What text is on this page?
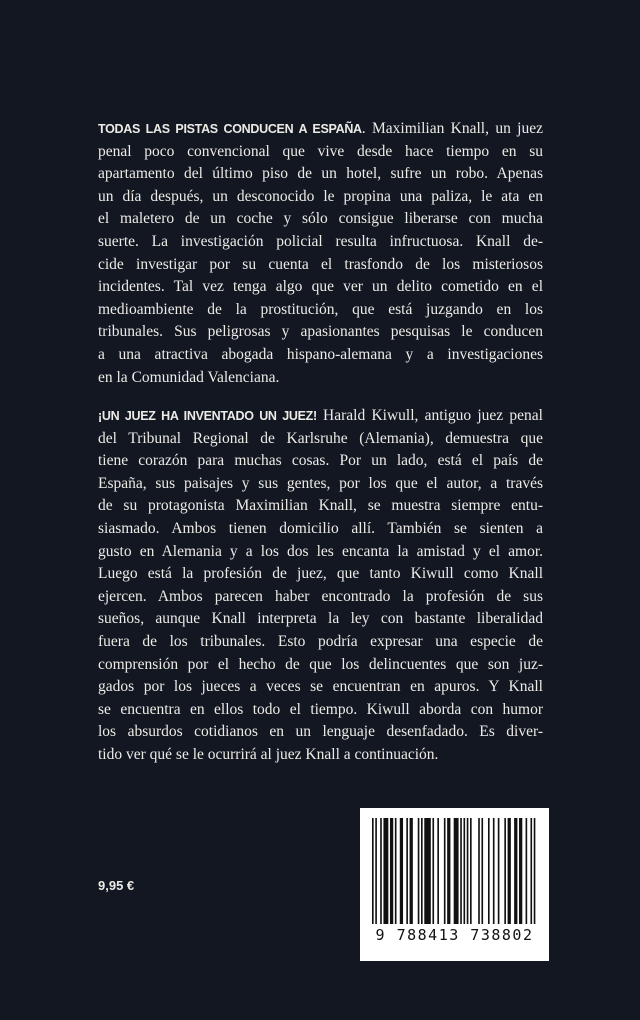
TODAS LAS PISTAS CONDUCEN A ESPAÑA. Maximilian Knall, un juez
penal poco convencional que vive desde hace tiempo en su
apartamento del último piso de un hotel, sufre un robo. Apenas
un día después, un desconocido le propina una paliza, le ata en
el maletero de un coche y sólo consigue liberarse con mucha
suerte. La investigación policial resulta infructuosa. Knall de-
cide investigar por su cuenta el trasfondo de los misteriosos
incidentes. Tal vez tenga algo que ver un delito cometido en el
medioambiente de la prostitución, que está juzgando en los
tribunales. Sus peligrosas y apasionantes pesquisas le conducen
a una atractiva abogada hispano-alemana y a investigaciones
en la Comunidad Valenciana.
¡UN JUEZ HA INVENTADO UN JUEZ! Harald Kiwull, antiguo juez penal
del Tribunal Regional de Karlsruhe (Alemania), demuestra que
tiene corazón para muchas cosas. Por un lado, está el país de
España, sus paisajes y sus gentes, por los que el autor, a través
de su protagonista Maximilian Knall, se muestra siempre entu-
siasmado. Ambos tienen domicilio allí. También se sienten a
gusto en Alemania y a los dos les encanta la amistad y el amor.
Luego está la profesión de juez, que tanto Kiwull como Knall
ejercen. Ambos parecen haber encontrado la profesión de sus
sueños, aunque Knall interpreta la ley con bastante liberalidad
fuera de los tribunales. Esto podría expresar una especie de
comprensión por el hecho de que los delincuentes que son juz-
gados por los jueces a veces se encuentran en apuros. Y Knall
se encuentra en ellos todo el tiempo. Kiwull aborda con humor
los absurdos cotidianos en un lenguaje desenfadado. Es diver-
tido ver qué se le ocurrirá al juez Knall a continuación.
9,95 €
9 788413 738802
